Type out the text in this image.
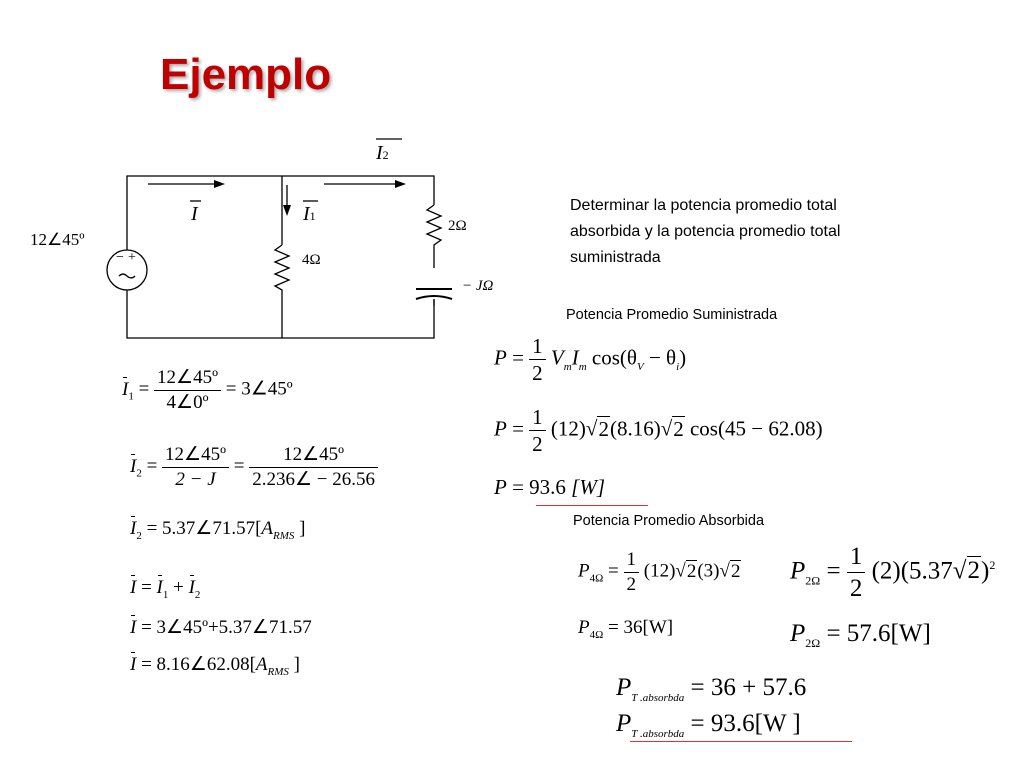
Ejemplo
12∠45º
+
−
I	I1
I2
4Ω
2Ω
− JΩ
Determinar la potencia promedio total absorbida y la potencia promedio total suministrada
Potencia Promedio Suministrada
Potencia Promedio Absorbida
$I_1 = \frac{\text{12∠45º}}{\text{4∠0º}}$ = 3∠45º
$I_2 = \frac{\text{12∠45º}}{2 - J} = \frac{\text{12∠45º}}{2.236\angle - 26.56}$
$I_2$ = $5.37\angle 71.57[A_{RMS}$ ]
$I = I_1 + I_2$
I = 3∠45º+5.37∠71.57
$I = 8.16\angle 62.08[A_{RMS}$ ]
$P = \frac{1}{2} V_mI_m$ $\cos(\theta_V - \theta_i)$
$P = \frac{1}{2} (12)√2(8.16)√2$ cos(45 − 62.08)
P = 93.6 [W]
$P_{4\Omega} = \frac{1}{2} (12)√2(3)√2$
$P_{4\Omega} = 36[W]$
$P_{2\Omega} = \frac{1}{2} (2)(5.37√2)^2$
$P_{2\Omega} = 57.6[W]$
$P_{T .absorbda} = 36 + 57.6$
$P_{T .absorbda} = 93.6[W$ ]
